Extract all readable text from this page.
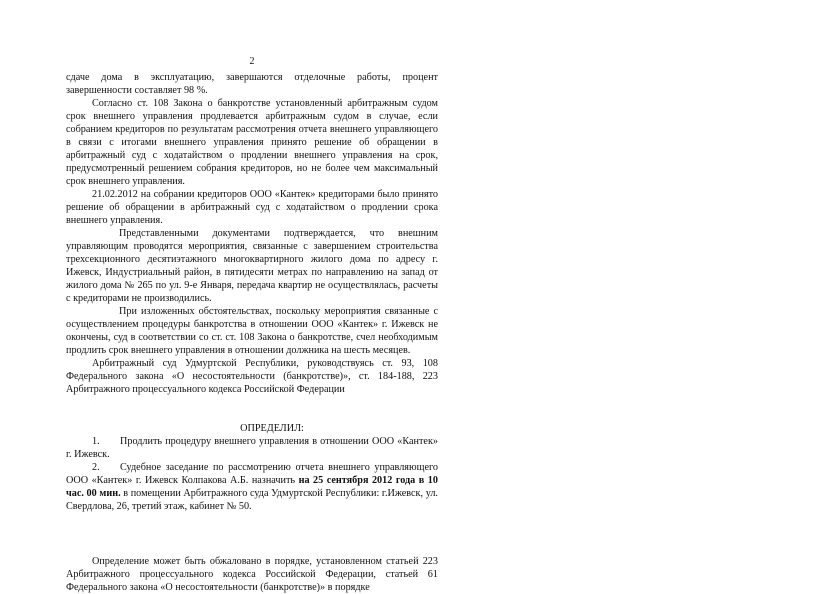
2

сдаче дома в эксплуатацию, завершаются отделочные работы, процент завершенности составляет 98 %.

Согласно ст. 108 Закона о банкротстве установленный арбитражным судом срок внешнего управления продлевается арбитражным судом в случае, если собранием кредиторов по результатам рассмотрения отчета внешнего управляющего в связи с итогами внешнего управления принято решение об обращении в арбитражный суд с ходатайством о продлении внешнего управления на срок, предусмотренный решением собрания кредиторов, но не более чем максимальный срок внешнего управления.

21.02.2012 на собрании кредиторов ООО «Кантек» кредиторами было принято решение об обращении в арбитражный суд с ходатайством о продлении срока внешнего управления.

Представленными документами подтверждается, что внешним управляющим проводятся мероприятия, связанные с завершением строительства трехсекционного десятиэтажного многоквартирного жилого дома по адресу г. Ижевск, Индустриальный район, в пятидесяти метрах по направлению на запад от жилого дома № 265 по ул. 9-е Января, передача квартир не осуществлялась, расчеты с кредиторами не производились.

При изложенных обстоятельствах, поскольку мероприятия связанные с осуществлением процедуры банкротства в отношении ООО «Кантек» г. Ижевск не окончены, суд в соответствии со ст. ст. 108 Закона о банкротстве, счел необходимым продлить срок внешнего управления в отношении должника на шесть месяцев.

Арбитражный суд Удмуртской Республики, руководствуясь ст. 93, 108 Федерального закона «О несостоятельности (банкротстве)», ст. 184-188, 223 Арбитражного процессуального кодекса Российской Федерации

ОПРЕДЕЛИЛ:

1. Продлить процедуру внешнего управления в отношении ООО «Кантек» г. Ижевск.

2. Судебное заседание по рассмотрению отчета внешнего управляющего ООО «Кантек» г. Ижевск Колпакова А.Б. назначить на 25 сентября 2012 года в 10 час. 00 мин. в помещении Арбитражного суда Удмуртской Республики: г.Ижевск, ул. Свердлова, 26, третий этаж, кабинет № 50.

Определение может быть обжаловано в порядке, установленном статьей 223 Арбитражного процессуального кодекса Российской Федерации, статьей 61 Федерального закона «О несостоятельности (банкротстве)» в порядке
